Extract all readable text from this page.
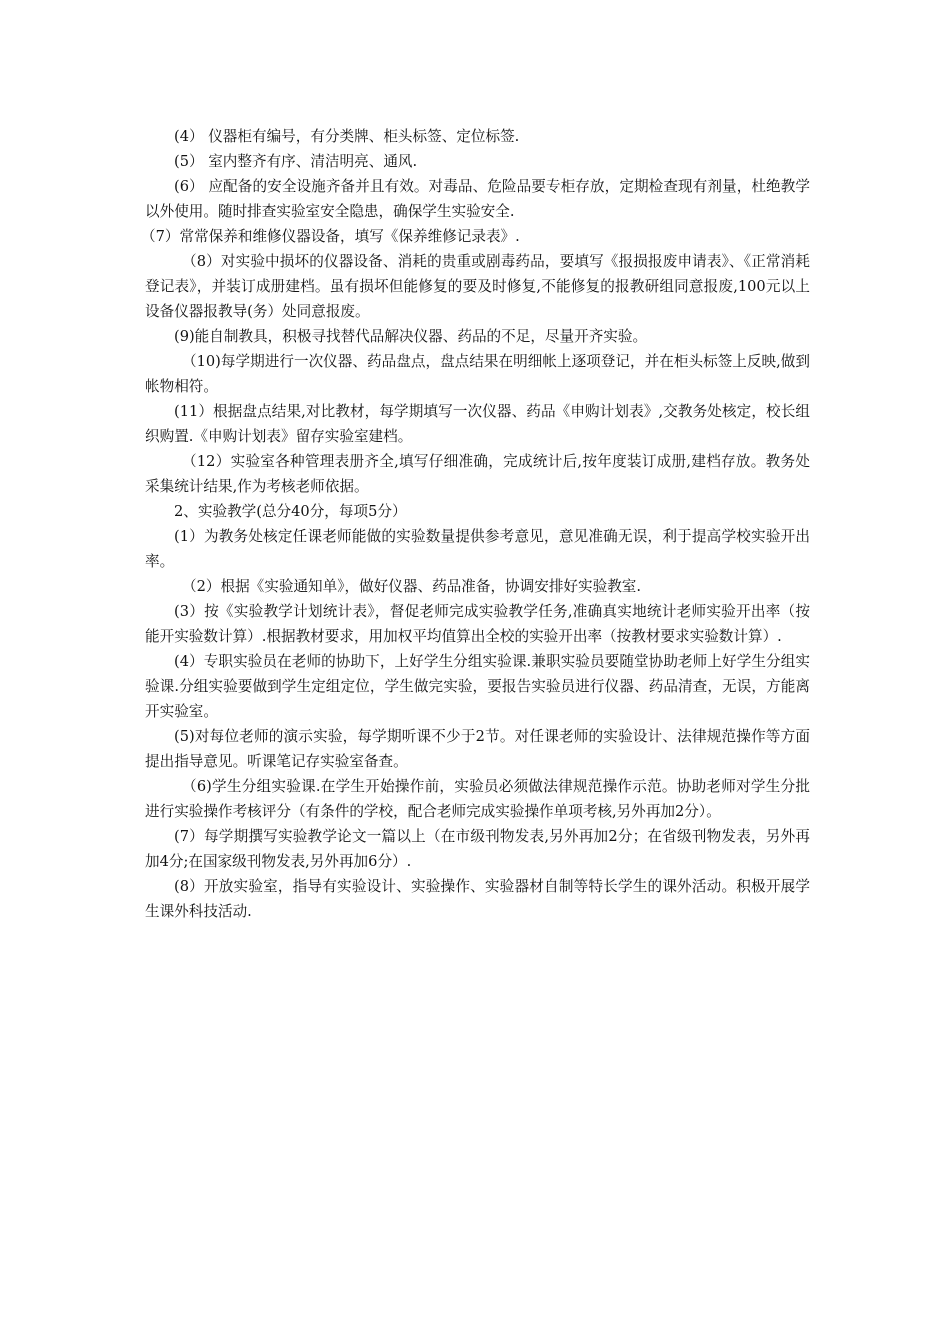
(4） 仪器柜有编号，有分类牌、柜头标签、定位标签.

(5） 室内整齐有序、清洁明亮、通风.

(6） 应配备的安全设施齐备并且有效。对毒品、危险品要专柜存放，定期检查现有剂量，杜绝教学以外使用。随时排查实验室安全隐患，确保学生实验安全.

（7）常常保养和维修仪器设备，填写《保养维修记录表》.

（8）对实验中损坏的仪器设备、消耗的贵重或剧毒药品，要填写《报损报废申请表》、《正常消耗登记表》，并装订成册建档。虽有损坏但能修复的要及时修复,不能修复的报教研组同意报废,100元以上设备仪器报教导(务）处同意报废。

(9)能自制教具，积极寻找替代品解决仪器、药品的不足，尽量开齐实验。

（10)每学期进行一次仪器、药品盘点，盘点结果在明细帐上逐项登记，并在柜头标签上反映,做到帐物相符。

(11）根据盘点结果,对比教材，每学期填写一次仪器、药品《申购计划表》,交教务处核定，校长组织购置.《申购计划表》留存实验室建档。

（12）实验室各种管理表册齐全,填写仔细准确，完成统计后,按年度装订成册,建档存放。教务处采集统计结果,作为考核老师依据。

2、实验教学(总分40分，每项5分）

(1）为教务处核定任课老师能做的实验数量提供参考意见，意见准确无误，利于提高学校实验开出率。

（2）根据《实验通知单》，做好仪器、药品准备，协调安排好实验教室.

(3）按《实验教学计划统计表》，督促老师完成实验教学任务,准确真实地统计老师实验开出率（按能开实验数计算）.根据教材要求，用加权平均值算出全校的实验开出率（按教材要求实验数计算）.

(4）专职实验员在老师的协助下，上好学生分组实验课.兼职实验员要随堂协助老师上好学生分组实验课.分组实验要做到学生定组定位，学生做完实验，要报告实验员进行仪器、药品清查，无误，方能离开实验室。

(5)对每位老师的演示实验，每学期听课不少于2节。对任课老师的实验设计、法律规范操作等方面提出指导意见。听课笔记存实验室备查。

（6)学生分组实验课.在学生开始操作前，实验员必须做法律规范操作示范。协助老师对学生分批进行实验操作考核评分（有条件的学校，配合老师完成实验操作单项考核,另外再加2分）。

(7）每学期撰写实验教学论文一篇以上（在市级刊物发表,另外再加2分；在省级刊物发表，另外再加4分;在国家级刊物发表,另外再加6分）.

(8）开放实验室，指导有实验设计、实验操作、实验器材自制等特长学生的课外活动。积极开展学生课外科技活动.
